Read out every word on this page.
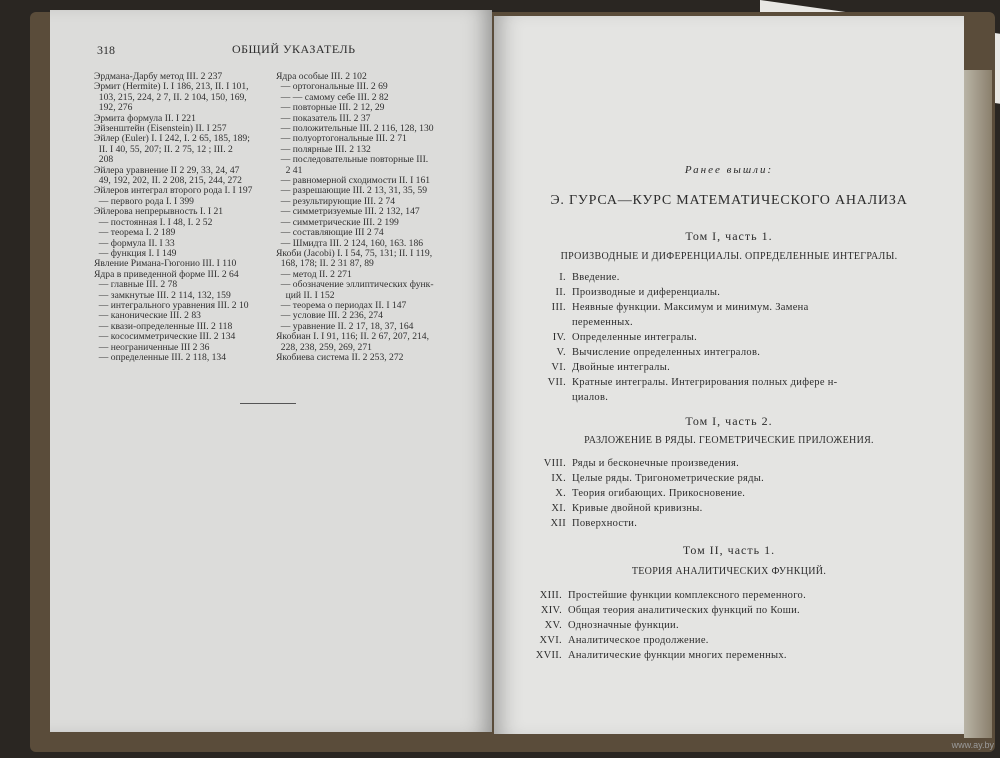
318	ОБЩИЙ УКАЗАТЕЛЬ
Эрдмана-Дарбу метод III. 2 237
Эрмит (Hermite) I. I 186, 213, II. I 101,
103, 215, 224, 2 7, II. 2 104, 150, 169,
192, 276
Эрмита формула II. I 221
Эйзенштейн (Eisenstein) II. I 257
Эйлер (Euler) I. I 242, I. 2 65, 185, 189;
II. I 40, 55, 207; II. 2 75, 12 ; III. 2
208
Эйлера уравнение II 2 29, 33, 24, 47
49, 192, 202, II. 2 208, 215, 244, 272
Эйлеров интеграл второго рода I. I 197
— первого рода I. I 399
Эйлерова непрерывность I. I 21
— постоянная I. I 48, I. 2 52
— теорема I. 2 189
— формула II. I 33
— функция I. I 149
Явление Римана-Гюгонио III. I 110
Ядра в приведенной форме III. 2 64
— главные III. 2 78
— замкнутые III. 2 114, 132, 159
— интегрального уравнения III. 2 10
— канонические III. 2 83
— квази-определенные III. 2 118
— кососимметрические III. 2 134
— неограниченные III 2 36
— определенные III. 2 118, 134
Ядра особые III. 2 102
— ортогональные III. 2 69
— — самому себе III. 2 82
— повторные III. 2 12, 29
— показатель III. 2 37
— положительные III. 2 116, 128, 130
— полуортогональные III. 2 71
— полярные III. 2 132
— последовательные повторные III.
2 41
— равномерной сходимости II. I 161
— разрешающие III. 2 13, 31, 35, 59
— результирующие III. 2 74
— симметризуемые III. 2 132, 147
— симметрические III. 2 199
— составляющие III 2 74
— Шмидта III. 2 124, 160, 163. 186
Якоби (Jacobi) I. I 54, 75, 131; II. I 119,
168, 178; II. 2 31 87, 89
— метод II. 2 271
— обозначение эллиптических функ-
ций II. I 152
— теорема о периодах II. I 147
— условие III. 2 236, 274
— уравнение II. 2 17, 18, 37, 164
Якобиан I. I 91, 116; II. 2 67, 207, 214,
228, 238, 259, 269, 271
Якобиева система II. 2 253, 272
Ранее вышли:
Э. ГУРСА—КУРС МАТЕМАТИЧЕСКОГО АНАЛИЗА
Том I, часть 1.
ПРОИЗВОДНЫЕ И ДИФЕРЕНЦИАЛЫ. ОПРЕДЕЛЕННЫЕ ИНТЕГРАЛЫ.
I. Введение.
II. Производные и диференциалы.
III. Неявные функции. Максимум и минимум. Замена
переменных.
IV. Определенные интегралы.
V. Вычисление определенных интегралов.
VI. Двойные интегралы.
VII. Кратные интегралы. Интегрирования полных дифере н-
циалов.
Том I, часть 2.
РАЗЛОЖЕНИЕ В РЯДЫ. ГЕОМЕТРИЧЕСКИЕ ПРИЛОЖЕНИЯ.
VIII. Ряды и бесконечные произведения.
IX. Целые ряды. Тригонометрические ряды.
X. Теория огибающих. Прикосновение.
XI. Кривые двойной кривизны.
XII Поверхности.
Том II, часть 1.
ТЕОРИЯ АНАЛИТИЧЕСКИХ ФУНКЦИЙ.
XIII. Простейшие функции комплексного переменного.
XIV. Общая теория аналитических функций по Коши.
XV. Однозначные функции.
XVI. Аналитическое продолжение.
XVII. Аналитические функции многих переменных.
www.ay.by
